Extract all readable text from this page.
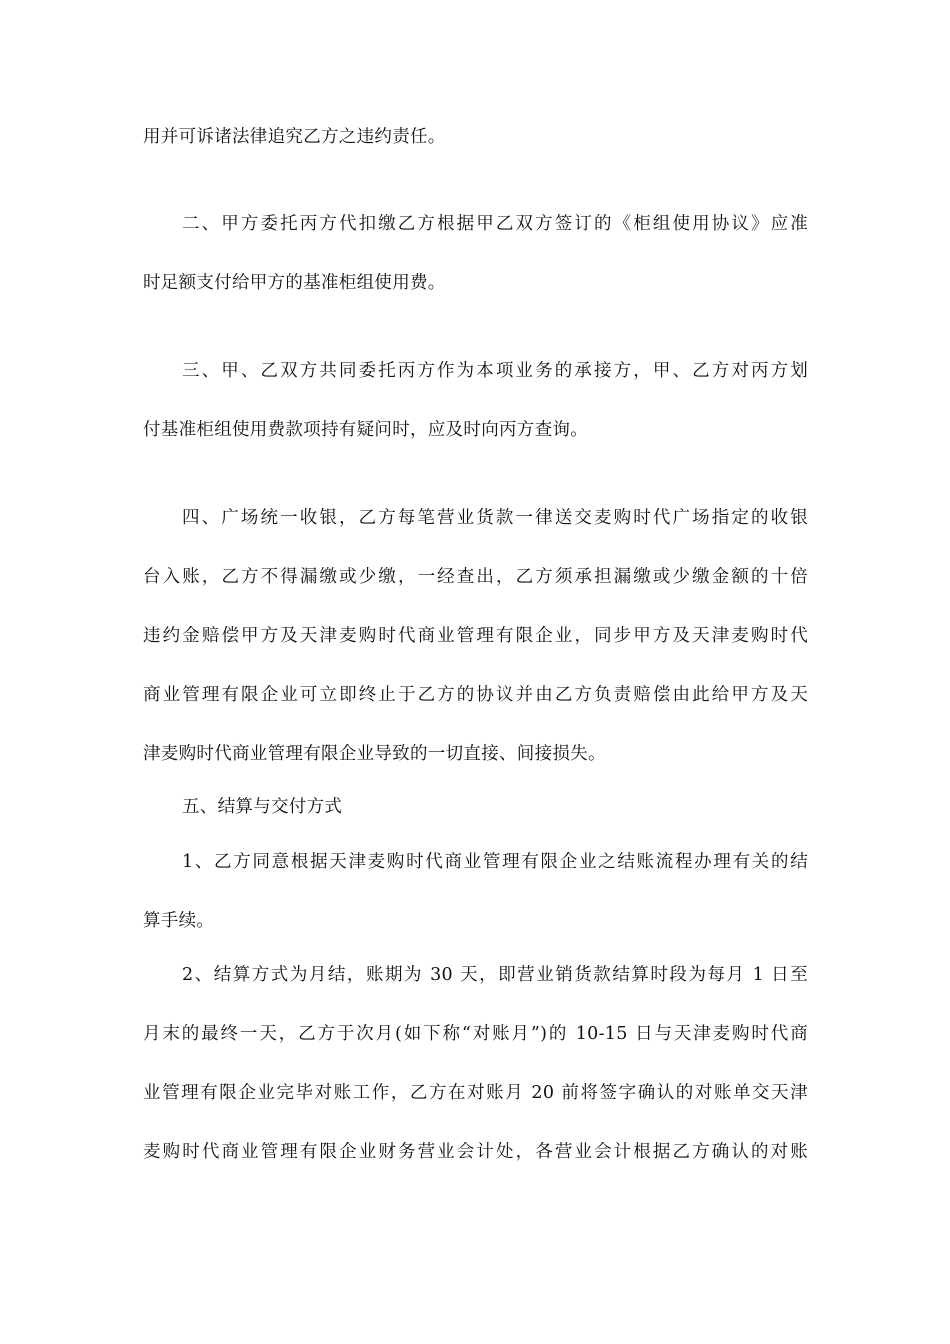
用并可诉诸法律追究乙方之违约责任。
二、甲方委托丙方代扣缴乙方根据甲乙双方签订的《柜组使用协议》应准
时足额支付给甲方的基准柜组使用费。
三、甲、乙双方共同委托丙方作为本项业务的承接方，甲、乙方对丙方划
付基准柜组使用费款项持有疑问时，应及时向丙方查询。
四、广场统一收银，乙方每笔营业货款一律送交麦购时代广场指定的收银
台入账，乙方不得漏缴或少缴，一经查出，乙方须承担漏缴或少缴金额的十倍
违约金赔偿甲方及天津麦购时代商业管理有限企业，同步甲方及天津麦购时代
商业管理有限企业可立即终止于乙方的协议并由乙方负责赔偿由此给甲方及天
津麦购时代商业管理有限企业导致的一切直接、间接损失。
五、结算与交付方式
1、乙方同意根据天津麦购时代商业管理有限企业之结账流程办理有关的结
算手续。
2、结算方式为月结，账期为 30 天，即营业销货款结算时段为每月 1 日至
月末的最终一天，乙方于次月(如下称“对账月”)的 10-15 日与天津麦购时代商
业管理有限企业完毕对账工作，乙方在对账月 20 前将签字确认的对账单交天津
麦购时代商业管理有限企业财务营业会计处，各营业会计根据乙方确认的对账
